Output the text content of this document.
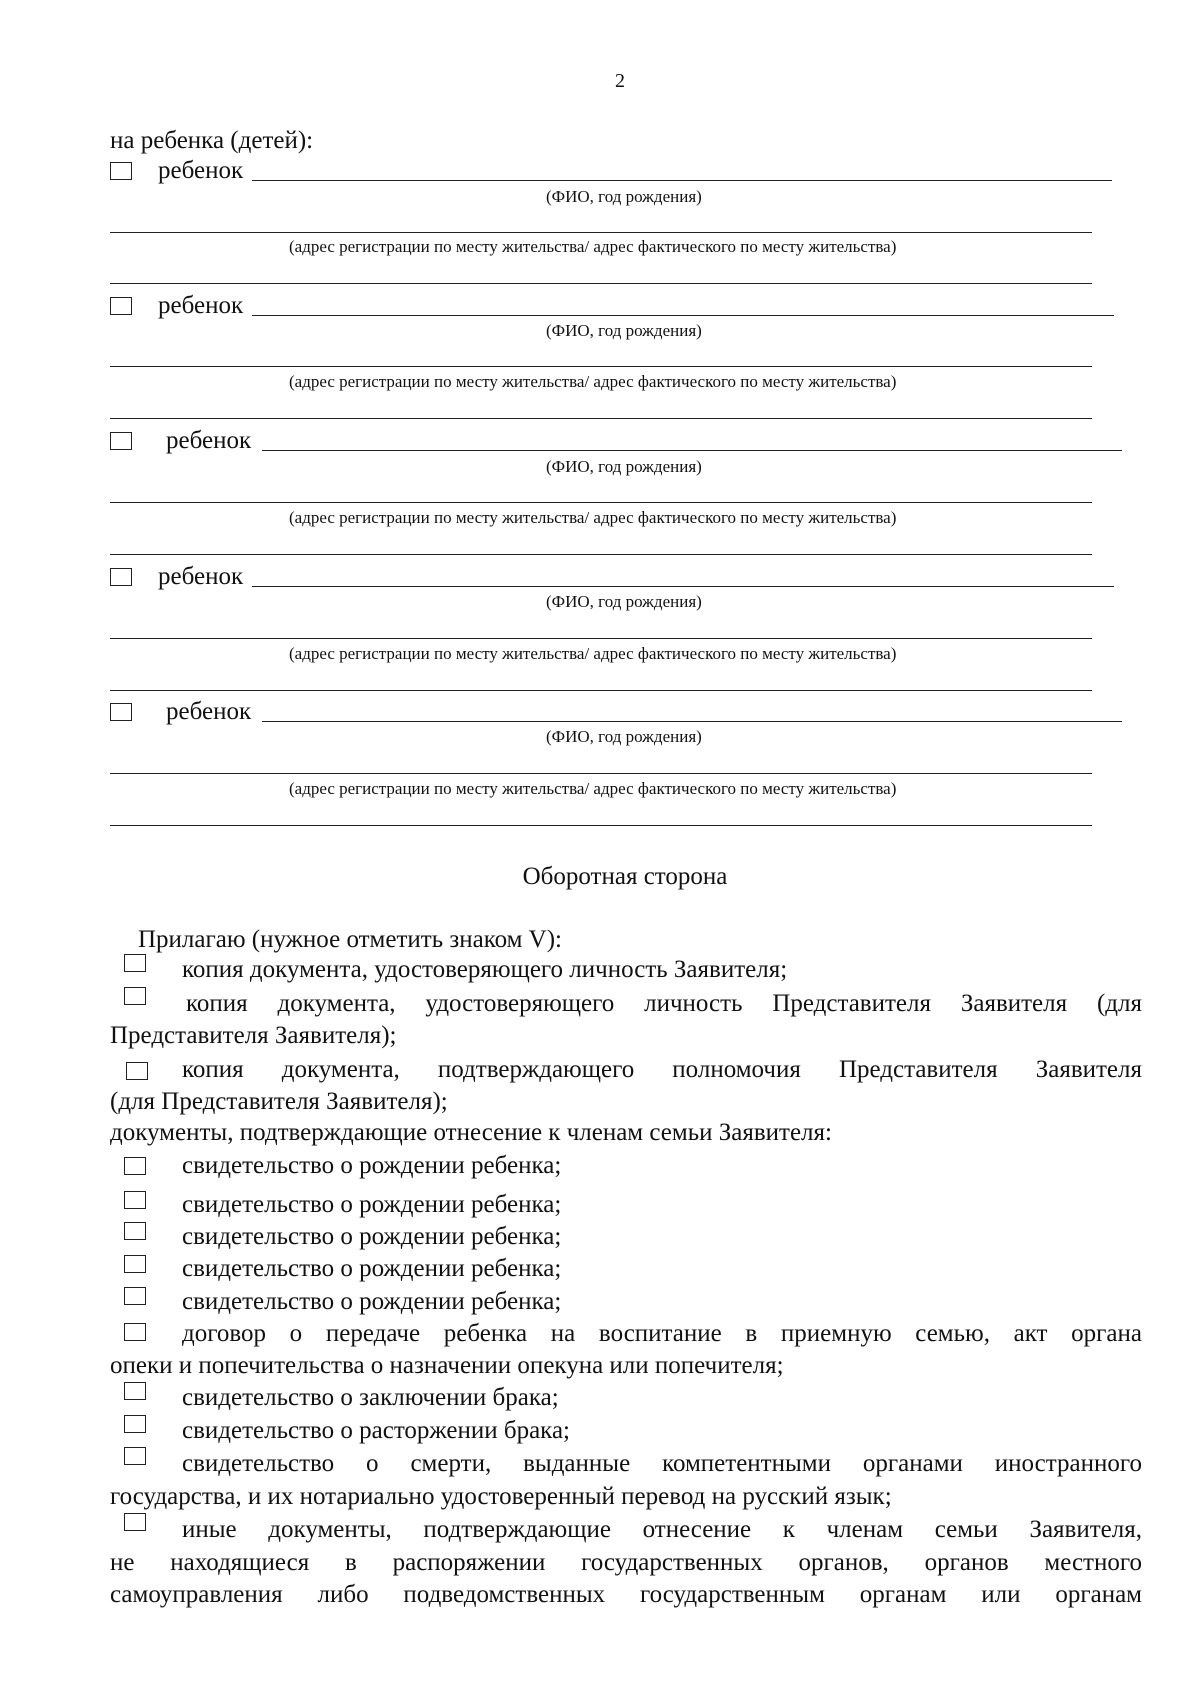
2
на ребенка (детей):
ребенок
(ФИО, год рождения)
(адрес регистрации по месту жительства/ адрес фактического по месту жительства)
ребенок
(ФИО, год рождения)
(адрес регистрации по месту жительства/ адрес фактического по месту жительства)
ребенок
(ФИО, год рождения)
(адрес регистрации по месту жительства/ адрес фактического по месту жительства)
ребенок
(ФИО, год рождения)
(адрес регистрации по месту жительства/ адрес фактического по месту жительства)
ребенок
(ФИО, год рождения)
(адрес регистрации по месту жительства/ адрес фактического по месту жительства)
Оборотная сторона
Прилагаю (нужное отметить знаком V):
копия документа, удостоверяющего личность Заявителя;
копия документа, удостоверяющего личность Представителя Заявителя (для
Представителя Заявителя);
копия документа, подтверждающего полномочия Представителя Заявителя
(для Представителя Заявителя);
документы, подтверждающие отнесение к членам семьи Заявителя:
свидетельство о рождении ребенка;
свидетельство о рождении ребенка;
свидетельство о рождении ребенка;
свидетельство о рождении ребенка;
свидетельство о рождении ребенка;
договор о передаче ребенка на воспитание в приемную семью, акт органа
опеки и попечительства о назначении опекуна или попечителя;
свидетельство о заключении брака;
свидетельство о расторжении брака;
свидетельство о смерти, выданные компетентными органами иностранного
государства, и их нотариально удостоверенный перевод на русский язык;
иные документы, подтверждающие отнесение к членам семьи Заявителя,
не находящиеся в распоряжении государственных органов, органов местного
самоуправления либо подведомственных государственным органам или органам
